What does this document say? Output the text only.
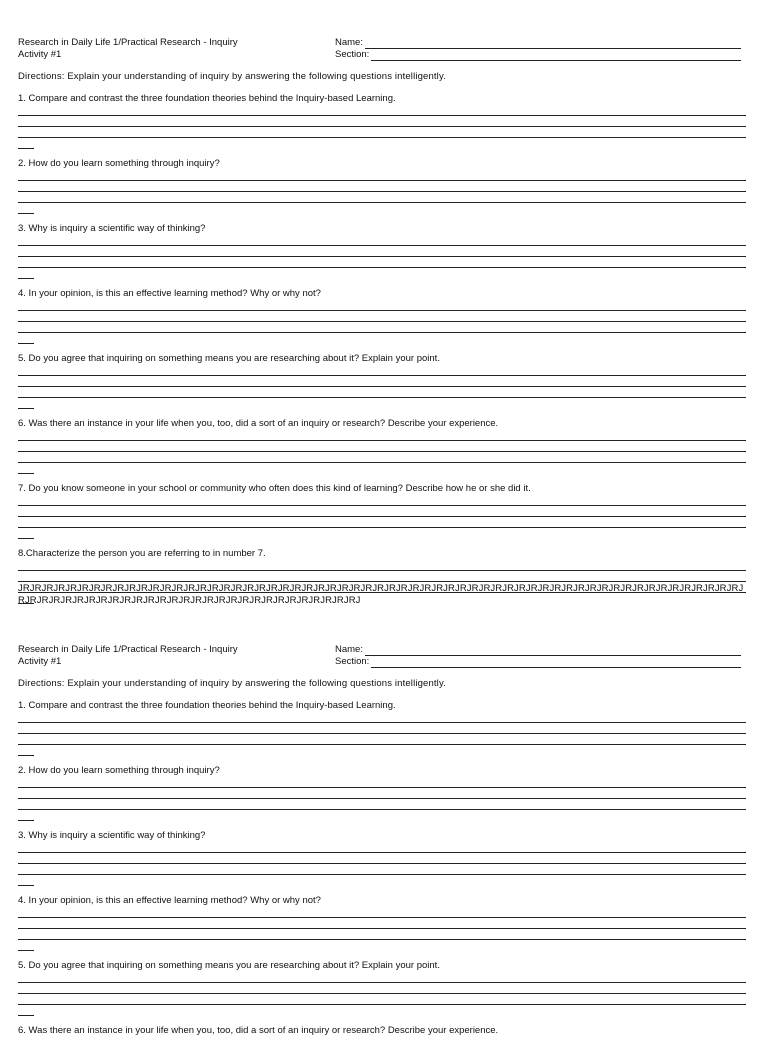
Research in Daily Life 1/Practical Research - Inquiry
Activity #1
Name:
Section:
Directions: Explain your understanding of inquiry by answering the following questions intelligently.
1. Compare and contrast the three foundation theories behind the Inquiry-based Learning.
2. How do you learn something through inquiry?
3. Why is inquiry a scientific way of thinking?
4. In your opinion, is this an effective learning method? Why or why not?
5. Do you agree that inquiring on something means you are researching about it? Explain your point.
6. Was there an instance in your life when you, too, did a sort of an inquiry or research? Describe your experience.
7. Do you know someone in your school or community who often does this kind of learning? Describe how he or she did it.
8.Characterize the person you are referring to in number 7.
JRJRJRJRJRJRJRJRJRJRJRJRJRJRJRJRJRJRJRJRJRJRJRJRJRJRJRJRJRJRJRJRJRJRJRJRJRJRJRJRJRJRJRJRJRJRJRJRJRJRJRJRJRJRJRJRJRJRJRJRJRJRJRJRJRJRJRJRJRJRJRJRJRJRJRJRJRJRJRJRJRJRJRJRJRJRJRJRJRJRJ
Research in Daily Life 1/Practical Research - Inquiry
Activity #1
Name:
Section:
Directions: Explain your understanding of inquiry by answering the following questions intelligently.
1. Compare and contrast the three foundation theories behind the Inquiry-based Learning.
2. How do you learn something through inquiry?
3. Why is inquiry a scientific way of thinking?
4. In your opinion, is this an effective learning method? Why or why not?
5. Do you agree that inquiring on something means you are researching about it? Explain your point.
6. Was there an instance in your life when you, too, did a sort of an inquiry or research? Describe your experience.
